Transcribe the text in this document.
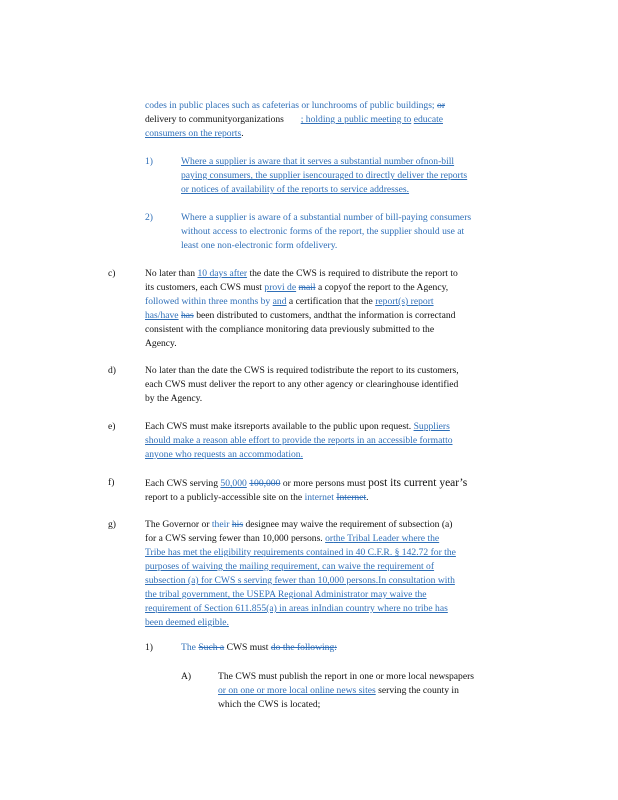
codes in public places such as cafeterias or lunchrooms of public buildings; or
delivery to communityorganizations ; holding a public meeting to educate
consumers on the reports.
1)	Where a supplier is aware that it serves a substantial number ofnon-bill
paying consumers, the supplier isencouraged to directly deliver the reports
or notices of availability of the reports to service addresses.
2)	Where a supplier is aware of a substantial number of bill-paying consumers
without access to electronic forms of the report, the supplier should use at
least one non-electronic form ofdelivery.
c)	No later than 10 days after the date the CWS is required to distribute the report to
its customers, each CWS must provi de mail a copyof the report to the Agency,
followed within three months by and a certification that the report(s) report
has/have has been distributed to customers, andthat the information is correctand
consistent with the compliance monitoring data previously submitted to the
Agency.
d)	No later than the date the CWS is required todistribute the report to its customers,
each CWS must deliver the report to any other agency or clearinghouse identified
by the Agency.
e)	Each CWS must make itsreports available to the public upon request. Suppliers
should make a reason able effort to provide the reports in an accessible formatto
anyone who requests an accommodation.
f)	Each CWS serving 50,000 100,000 or more persons must post its current year’s
report to a publicly-accessible site on the internet Internet.
g)	The Governor or their his designee may waive the requirement of subsection (a)
for a CWS serving fewer than 10,000 persons. orthe Tribal Leader where the
Tribe has met the eligibility requirements contained in 40 C.F.R. § 142.72 for the
purposes of waiving the mailing requirement, can waive the requirement of
subsection (a) for CWS s serving fewer than 10,000 persons.In consultation with
the tribal government, the USEPA Regional Administrator may waive the
requirement of Section 611.855(a) in areas inIndian country where no tribe has
been deemed eligible.
1)	The Such a CWS must do the following:
A)	The CWS must publish the report in one or more local newspapers
or on one or more local online news sites serving the county in
which the CWS is located;
